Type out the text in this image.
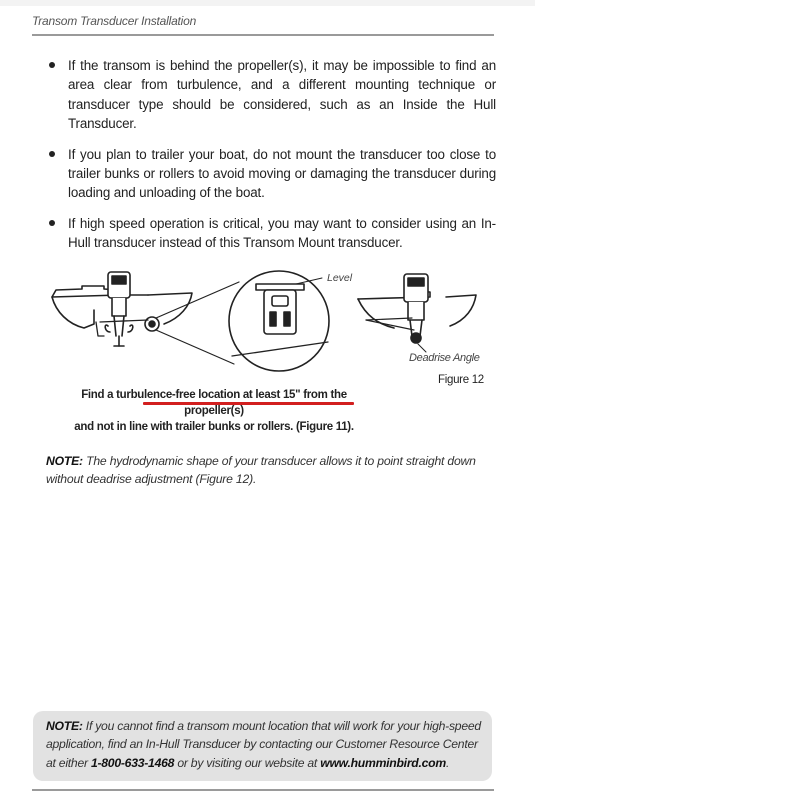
Transom Transducer Installation
If the transom is behind the propeller(s), it may be impossible to find an area clear from turbulence, and a different mounting technique or transducer type should be considered, such as an Inside the Hull Transducer.
If you plan to trailer your boat, do not mount the transducer too close to trailer bunks or rollers to avoid moving or damaging the transducer during loading and unloading of the boat.
If high speed operation is critical, you may want to consider using an In-Hull transducer instead of this Transom Mount transducer.
Level
Deadrise Angle
Figure 12
Find a turbulence-free location at least 15" from the propeller(s)
and not in line with trailer bunks or rollers. (Figure 11).
NOTE: The hydrodynamic shape of your transducer allows it to point straight down without deadrise adjustment (Figure 12).
NOTE: If you cannot find a transom mount location that will work for your high-speed application, find an In-Hull Transducer by contacting our Customer Resource Center at either 1-800-633-1468 or by visiting our website at www.humminbird.com.
